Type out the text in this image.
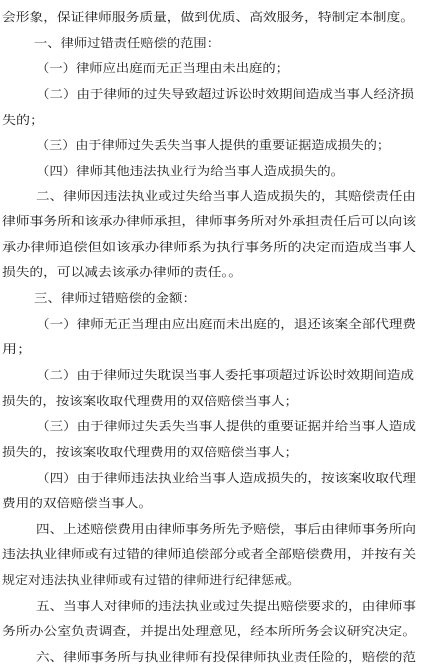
会形象，保证律师服务质量，做到优质、高效服务，特制定本制度。
一、律师过错责任赔偿的范围：
（一）律师应出庭而无正当理由未出庭的；
（二）由于律师的过失导致超过诉讼时效期间造成当事人经济损
失的；
（三）由于律师过失丢失当事人提供的重要证据造成损失的；
（四）律师其他违法执业行为给当事人造成损失的。
二、律师因违法执业或过失给当事人造成损失的，其赔偿责任由
律师事务所和该承办律师承担，律师事务所对外承担责任后可以向该
承办律师追偿但如该承办律师系为执行事务所的决定而造成当事人
损失的，可以减去该承办律师的责任。。
三、律师过错赔偿的金额：
（一）律师无正当理由应出庭而未出庭的，退还该案全部代理费
用；
（二）由于律师过失耽误当事人委托事项超过诉讼时效期间造成
损失的，按该案收取代理费用的双倍赔偿当事人；
（三）由于律师过失丢失当事人提供的重要证据并给当事人造成
损失的，按该案收取代理费用的双倍赔偿当事人；
（四）由于律师违法执业给当事人造成损失的，按该案收取代理
费用的双倍赔偿当事人。
四、上述赔偿费用由律师事务所先予赔偿，事后由律师事务所向
违法执业律师或有过错的律师追偿部分或者全部赔偿费用，并按有关
规定对违法执业律师或有过错的律师进行纪律惩戒。
五、当事人对律师的违法执业或过失提出赔偿要求的，由律师事
务所办公室负责调查，并提出处理意见，经本所所务会议研究决定。
六、律师事务所与执业律师有投保律师执业责任险的，赔偿的范
